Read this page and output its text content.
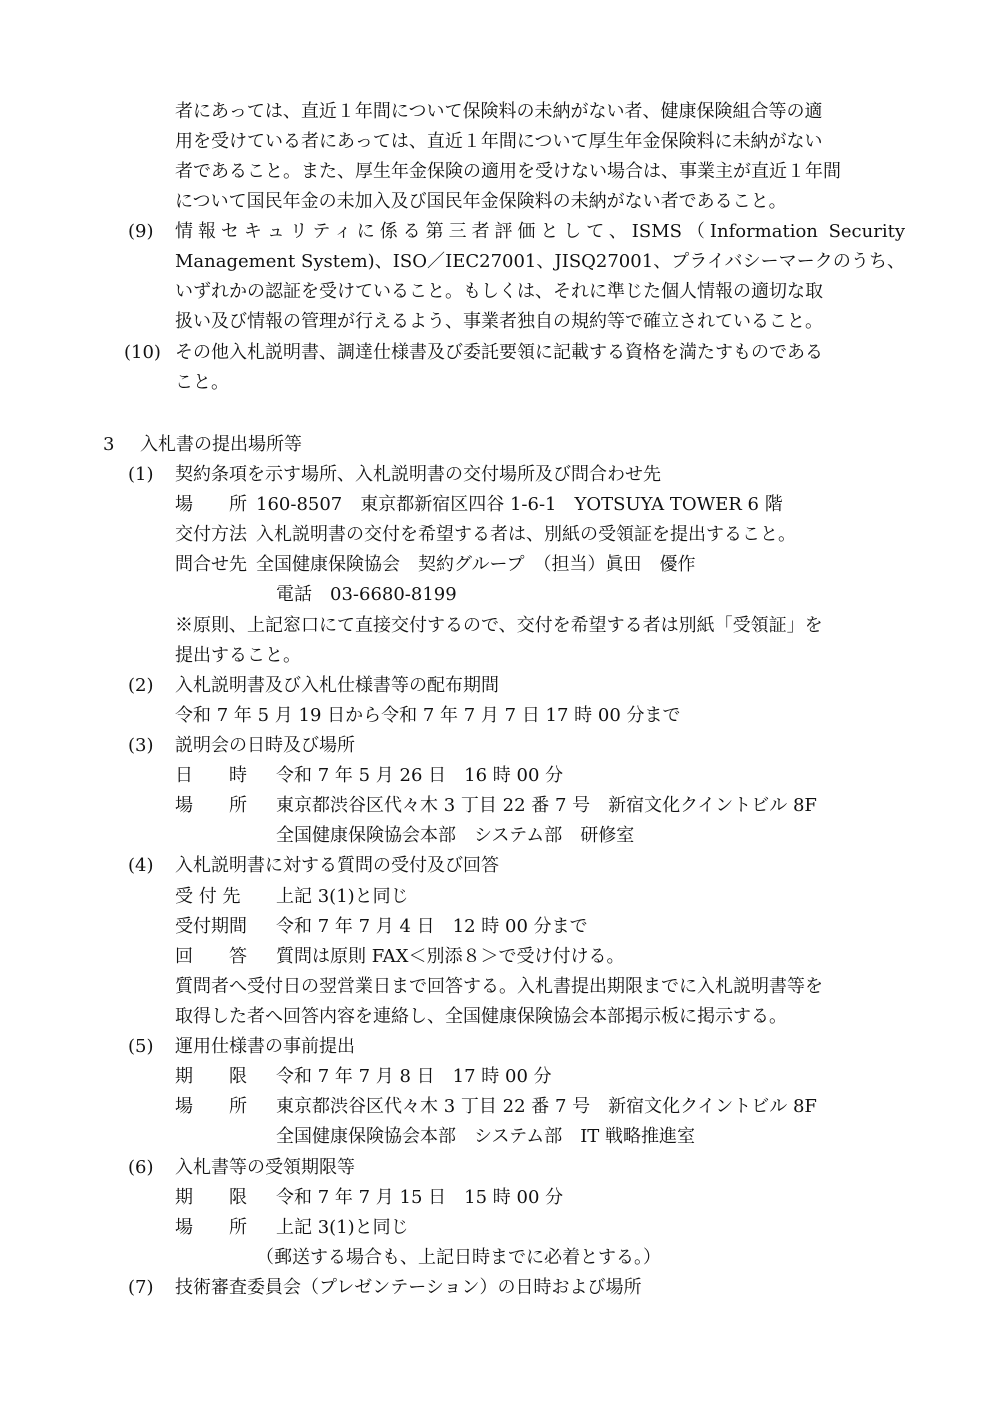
者にあっては、直近１年間について保険料の未納がない者、健康保険組合等の適
用を受けている者にあっては、直近１年間について厚生年金保険料に未納がない
者であること。また、厚生年金保険の適用を受けない場合は、事業主が直近１年間
について国民年金の未加入及び国民年金保険料の未納がない者であること。
(9) 情報セキュリティに係る第三者評価として、ISMS（Information Security
Management System)、ISO／IEC27001、JISQ27001、プライバシーマークのうち、
いずれかの認証を受けていること。もしくは、それに準じた個人情報の適切な取
扱い及び情報の管理が行えるよう、事業者独自の規約等で確立されていること。
(10) その他入札説明書、調達仕様書及び委託要領に記載する資格を満たすものである
こと。
3 入札書の提出場所等
(1) 契約条項を示す場所、入札説明書の交付場所及び問合わせ先
場　　所 160-8507　東京都新宿区四谷 1-6-1　YOTSUYA TOWER 6 階
交付方法 入札説明書の交付を希望する者は、別紙の受領証を提出すること。
問合せ先 全国健康保険協会　契約グループ　（担当）眞田　優作
電話　03-6680-8199
※原則、上記窓口にて直接交付するので、交付を希望する者は別紙「受領証」を
提出すること。
(2) 入札説明書及び入札仕様書等の配布期間
令和 7 年 5 月 19 日から令和 7 年 7 月 7 日 17 時 00 分まで
(3) 説明会の日時及び場所
日　　時 令和 7 年 5 月 26 日　16 時 00 分
場　　所 東京都渋谷区代々木 3 丁目 22 番 7 号　新宿文化クイントビル 8F
全国健康保険協会本部　システム部　研修室
(4) 入札説明書に対する質問の受付及び回答
受 付 先 上記 3(1)と同じ
受付期間 令和 7 年 7 月 4 日　12 時 00 分まで
回　　答 質問は原則 FAX＜別添８＞で受け付ける。
質問者へ受付日の翌営業日まで回答する。入札書提出期限までに入札説明書等を
取得した者へ回答内容を連絡し、全国健康保険協会本部掲示板に掲示する。
(5) 運用仕様書の事前提出
期　　限 令和 7 年 7 月 8 日　17 時 00 分
場　　所 東京都渋谷区代々木 3 丁目 22 番 7 号　新宿文化クイントビル 8F
全国健康保険協会本部　システム部　IT 戦略推進室
(6) 入札書等の受領期限等
期　　限 令和 7 年 7 月 15 日　15 時 00 分
場　　所 上記 3(1)と同じ
（郵送する場合も、上記日時までに必着とする。）
(7) 技術審査委員会（プレゼンテーション）の日時および場所
